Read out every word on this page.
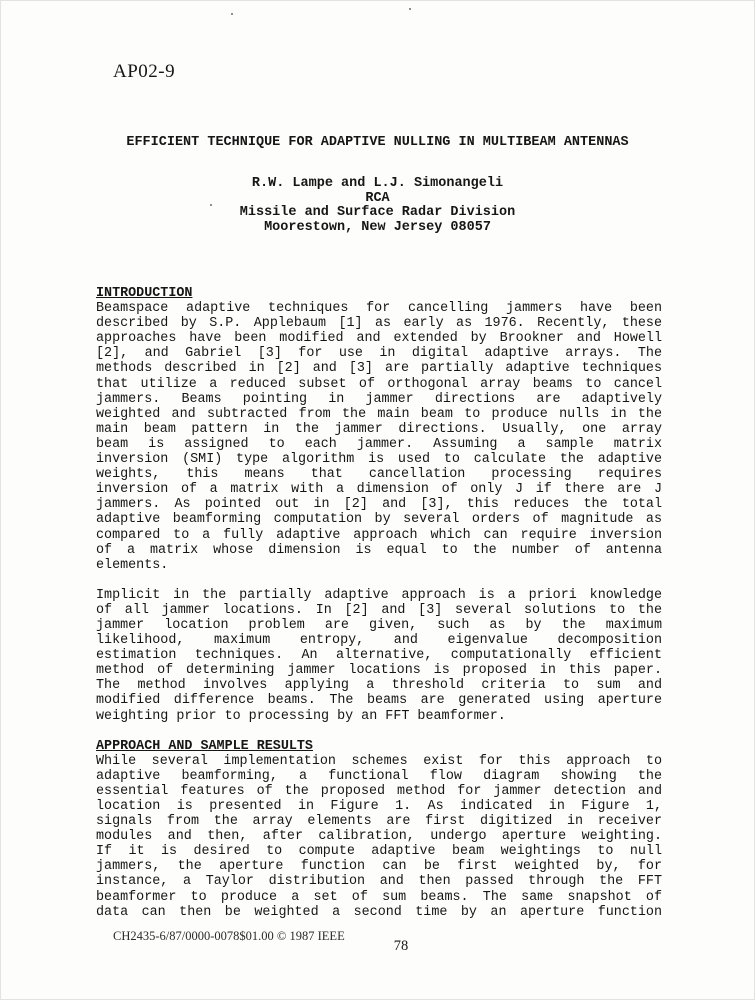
AP02-9
EFFICIENT TECHNIQUE FOR ADAPTIVE NULLING IN MULTIBEAM ANTENNAS
R.W. Lampe and L.J. Simonangeli
RCA
Missile and Surface Radar Division
Moorestown, New Jersey 08057
INTRODUCTION
Beamspace adaptive techniques for cancelling jammers have been
described by S.P. Applebaum [1] as early as 1976. Recently, these
approaches have been modified and extended by Brookner and Howell
[2], and Gabriel [3] for use in digital adaptive arrays. The
methods described in [2] and [3] are partially adaptive techniques
that utilize a reduced subset of orthogonal array beams to cancel
jammers. Beams pointing in jammer directions are adaptively
weighted and subtracted from the main beam to produce nulls in the
main beam pattern in the jammer directions. Usually, one array
beam is assigned to each jammer. Assuming a sample matrix
inversion (SMI) type algorithm is used to calculate the adaptive
weights, this means that cancellation processing requires
inversion of a matrix with a dimension of only J if there are J
jammers. As pointed out in [2] and [3], this reduces the total
adaptive beamforming computation by several orders of magnitude as
compared to a fully adaptive approach which can require inversion
of a matrix whose dimension is equal to the number of antenna
elements.
Implicit in the partially adaptive approach is a priori knowledge
of all jammer locations. In [2] and [3] several solutions to the
jammer location problem are given, such as by the maximum
likelihood, maximum entropy, and eigenvalue decomposition
estimation techniques. An alternative, computationally efficient
method of determining jammer locations is proposed in this paper.
The method involves applying a threshold criteria to sum and
modified difference beams. The beams are generated using aperture
weighting prior to processing by an FFT beamformer.
APPROACH AND SAMPLE RESULTS
While several implementation schemes exist for this approach to
adaptive beamforming, a functional flow diagram showing the
essential features of the proposed method for jammer detection and
location is presented in Figure 1. As indicated in Figure 1,
signals from the array elements are first digitized in receiver
modules and then, after calibration, undergo aperture weighting.
If it is desired to compute adaptive beam weightings to null
jammers, the aperture function can be first weighted by, for
instance, a Taylor distribution and then passed through the FFT
beamformer to produce a set of sum beams. The same snapshot of
data can then be weighted a second time by an aperture function
CH2435-6/87/0000-0078$01.00 © 1987 IEEE
78
